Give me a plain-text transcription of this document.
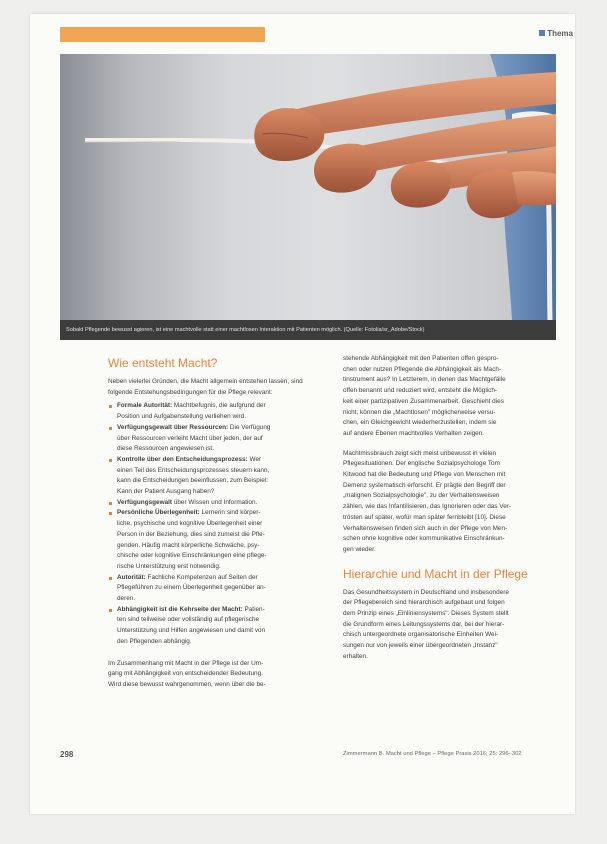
Thema
Sobald Pflegende bewusst agieren, ist eine machtvolle statt einer machtlosen Interaktion mit Patienten möglich. (Quelle: Fotolia/sr_Adobe/Stock)
Wie entsteht Macht?

Neben vielerlei Gründen, die Macht allgemein entstehen lassen, sind folgende Entstehungsbedingungen für die Pflege relevant:

Formale Autorität: Machtbefugnis, die aufgrund der
Position und Aufgabenstellung verliehen wird.
Verfügungsgewalt über Ressourcen: Die Verfügung
über Ressourcen verleiht Macht über jeden, der auf
diese Ressourcen angewiesen ist.
Kontrolle über den Entscheidungsprozess: Wer
einen Teil des Entscheidungsprozesses steuern kann,
kann die Entscheidungen beeinflussen, zum Beispiel:
Kann der Patient Ausgang haben?
Verfügungsgewalt über Wissen und Information.
Persönliche Überlegenheit: Lernerin sind körper-
liche, psychische und kognitive Überlegenheit einer
Person in der Beziehung, dies sind zumeist die Pfle-
genden. Häufig macht körperliche Schwäche, psy-
chische oder kognitive Einschränkungen eine pflege-
rische Unterstützung erst notwendig.
Autorität: Fachliche Kompetenzen auf Seiten der
Pflegeführen zu einem Überlegenheit gegenüber an-
deren.
Abhängigkeit ist die Kehrseite der Macht: Patien-
ten sind teilweise oder vollständig auf pflegerische
Unterstützung und Hilfen angewiesen und damit von
den Pflegenden abhängig.

Im Zusammenhang mit Macht in der Pflege ist der Um-
gang mit Abhängigkeit von entscheidender Bedeutung.
Wird diese bewusst wahrgenommen, wenn über die be-

stehende Abhängigkeit mit den Patienten offen gespro-
chen oder nutzen Pflegende die Abhängigkeit als Mach-
tinstrument aus? In Letzterem, in denen das Machtgefälle
offen benannt und reduziert wird, entsteht die Möglich-
keit einer partizipativen Zusammenarbeit. Geschieht dies
nicht, können die „Machtlosen" möglicherweise versu-
chen, ein Gleichgewicht wiederherzustellen, indem sie
auf andere Ebenen machtvolles Verhalten zeigen.

Machtmissbrauch zeigt sich meist unbewusst in vielen
Pflegesituationen. Der englische Sozialpsychologe Tom
Kitwood hat die Bedeutung und Pflege von Menschen mit
Demenz systematisch erforscht. Er prägte den Begriff der
„malignen Sozialpsychologie", zu der Verhaltensweisen
zählen, wie das Infantilisieren, das Ignorieren oder das Ver-
trösten auf später, wofür man später fernbleibt [10]. Diese
Verhaltensweisen finden sich auch in der Pflege von Men-
schen ohne kognitive oder kommunikative Einschränkun-
gen wieder.

Hierarchie und Macht in der Pflege

Das Gesundheitssystem in Deutschland und insbesondere
der Pflegebereich sind hierarchisch aufgebaut und folgen
dem Prinzip eines „Einliniensystems". Dieses System stellt
die Grundform eines Leitungssystems dar, bei der hierar-
chisch untergeordnete organisatorische Einheiten Wei-
sungen nur von jeweils einer übergeordneten „Instanz"
erhalten.

298	Zimmermann B. Macht und Pflege – Pflege Praxis 2016; 25: 296–302
